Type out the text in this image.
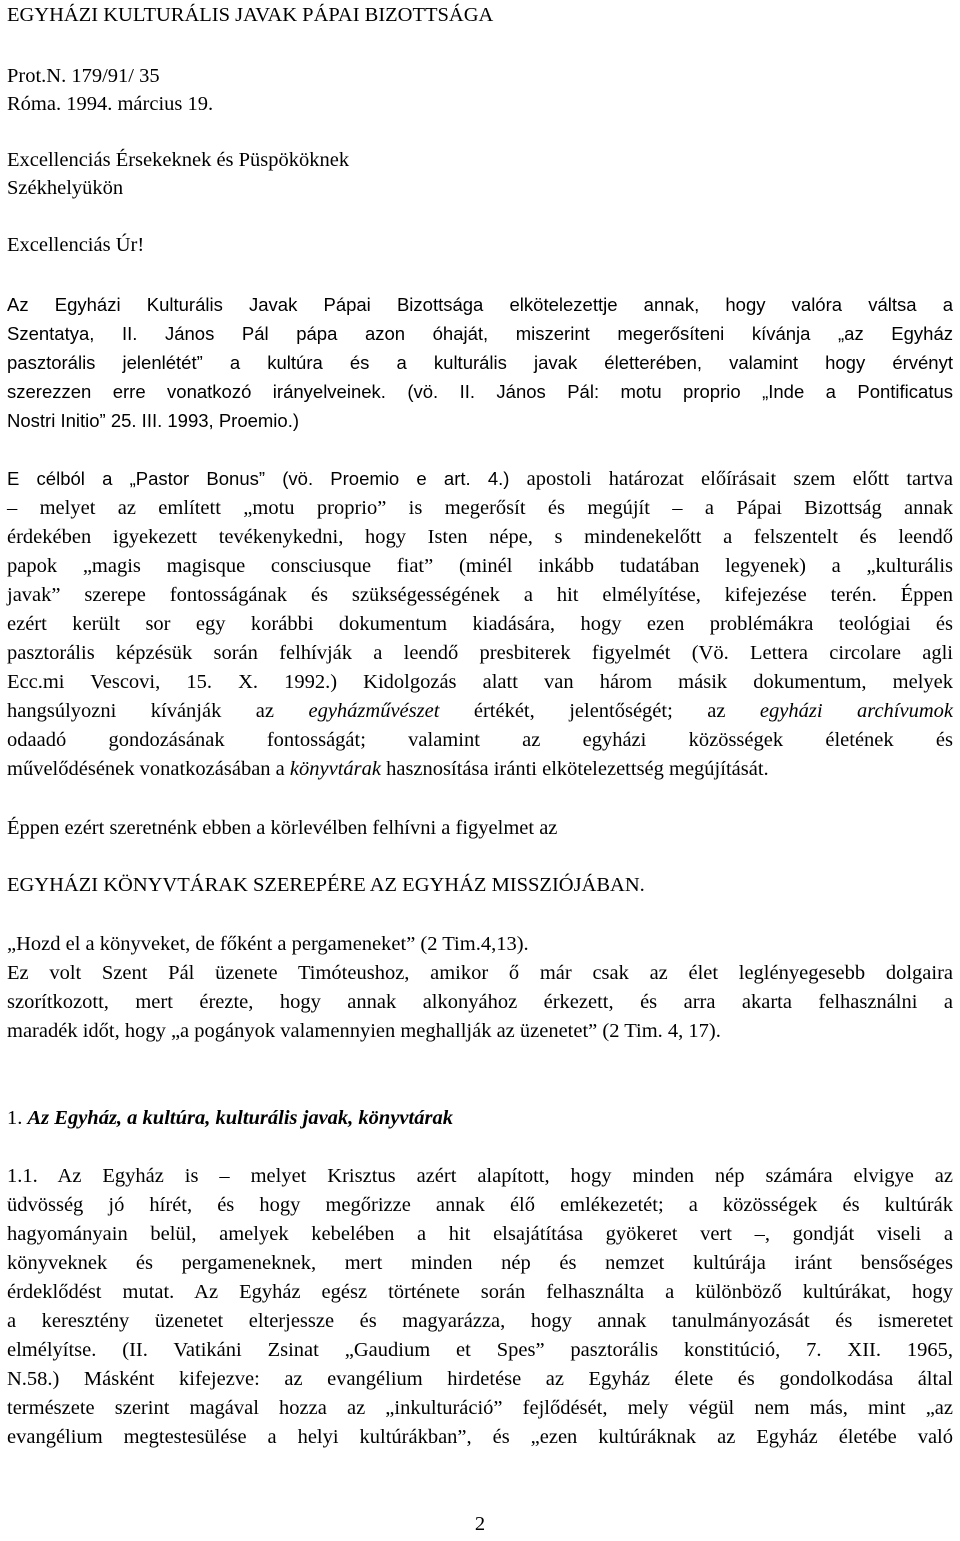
EGYHÁZI KULTURÁLIS JAVAK PÁPAI BIZOTTSÁGA
Prot.N. 179/91/ 35
Róma. 1994. március 19.
Excellenciás Érsekeknek és Püspököknek
Székhelyükön
Excellenciás Úr!
Az Egyházi Kulturális Javak Pápai Bizottsága elkötelezettje annak, hogy valóra váltsa a
Szentatya, II. János Pál pápa azon óhaját, miszerint megerősíteni kívánja „az Egyház
pasztorális jelenlétét” a kultúra és a kulturális javak életterében, valamint hogy érvényt
szerezzen erre vonatkozó irányelveinek. (vö. II. János Pál: motu proprio „Inde a Pontificatus
Nostri Initio” 25. III. 1993, Proemio.)
E célból a „Pastor Bonus” (vö. Proemio e art. 4.) apostoli határozat előírásait szem előtt tartva
– melyet az említett „motu proprio” is megerősít és megújít – a Pápai Bizottság annak
érdekében igyekezett tevékenykedni, hogy Isten népe, s mindenekelőtt a felszentelt és leendő
papok „magis magisque consciusque fiat” (minél inkább tudatában legyenek) a „kulturális
javak” szerepe fontosságának és szükségességének a hit elmélyítése, kifejezése terén. Éppen
ezért került sor egy korábbi dokumentum kiadására, hogy ezen problémákra teológiai és
pasztorális képzésük során felhívják a leendő presbiterek figyelmét (Vö. Lettera circolare agli
Ecc.mi Vescovi, 15. X. 1992.) Kidolgozás alatt van három másik dokumentum, melyek
hangsúlyozni kívánják az egyházművészet értékét, jelentőségét; az egyházi archívumok
odaadó gondozásának fontosságát; valamint az egyházi közösségek életének és
művelődésének vonatkozásában a könyvtárak hasznosítása iránti elkötelezettség megújítását.
Éppen ezért szeretnénk ebben a körlevélben felhívni a figyelmet az
EGYHÁZI KÖNYVTÁRAK SZEREPÉRE AZ EGYHÁZ MISSZIÓJÁBAN.
„Hozd el a könyveket, de főként a pergameneket” (2 Tim.4,13).
Ez volt Szent Pál üzenete Timóteushoz, amikor ő már csak az élet leglényegesebb dolgaira
szorítkozott, mert érezte, hogy annak alkonyához érkezett, és arra akarta felhasználni a
maradék időt, hogy „a pogányok valamennyien meghallják az üzenetet” (2 Tim. 4, 17).
1. Az Egyház, a kultúra, kulturális javak, könyvtárak
1.1. Az Egyház is – melyet Krisztus azért alapított, hogy minden nép számára elvigye az
üdvösség jó hírét, és hogy megőrizze annak élő emlékezetét; a közösségek és kultúrák
hagyományain belül, amelyek kebelében a hit elsajátítása gyökeret vert –, gondját viseli a
könyveknek és pergameneknek, mert minden nép és nemzet kultúrája iránt bensőséges
érdeklődést mutat. Az Egyház egész története során felhasználta a különböző kultúrákat, hogy
a keresztény üzenetet elterjessze és magyarázza, hogy annak tanulmányozását és ismeretet
elmélyítse. (II. Vatikáni Zsinat „Gaudium et Spes” pasztorális konstitúció, 7. XII. 1965,
N.58.) Másként kifejezve: az evangélium hirdetése az Egyház élete és gondolkodása által
természete szerint magával hozza az „inkulturáció” fejlődését, mely végül nem más, mint „az
evangélium megtestesülése a helyi kultúrákban”, és „ezen kultúráknak az Egyház életébe való
2
